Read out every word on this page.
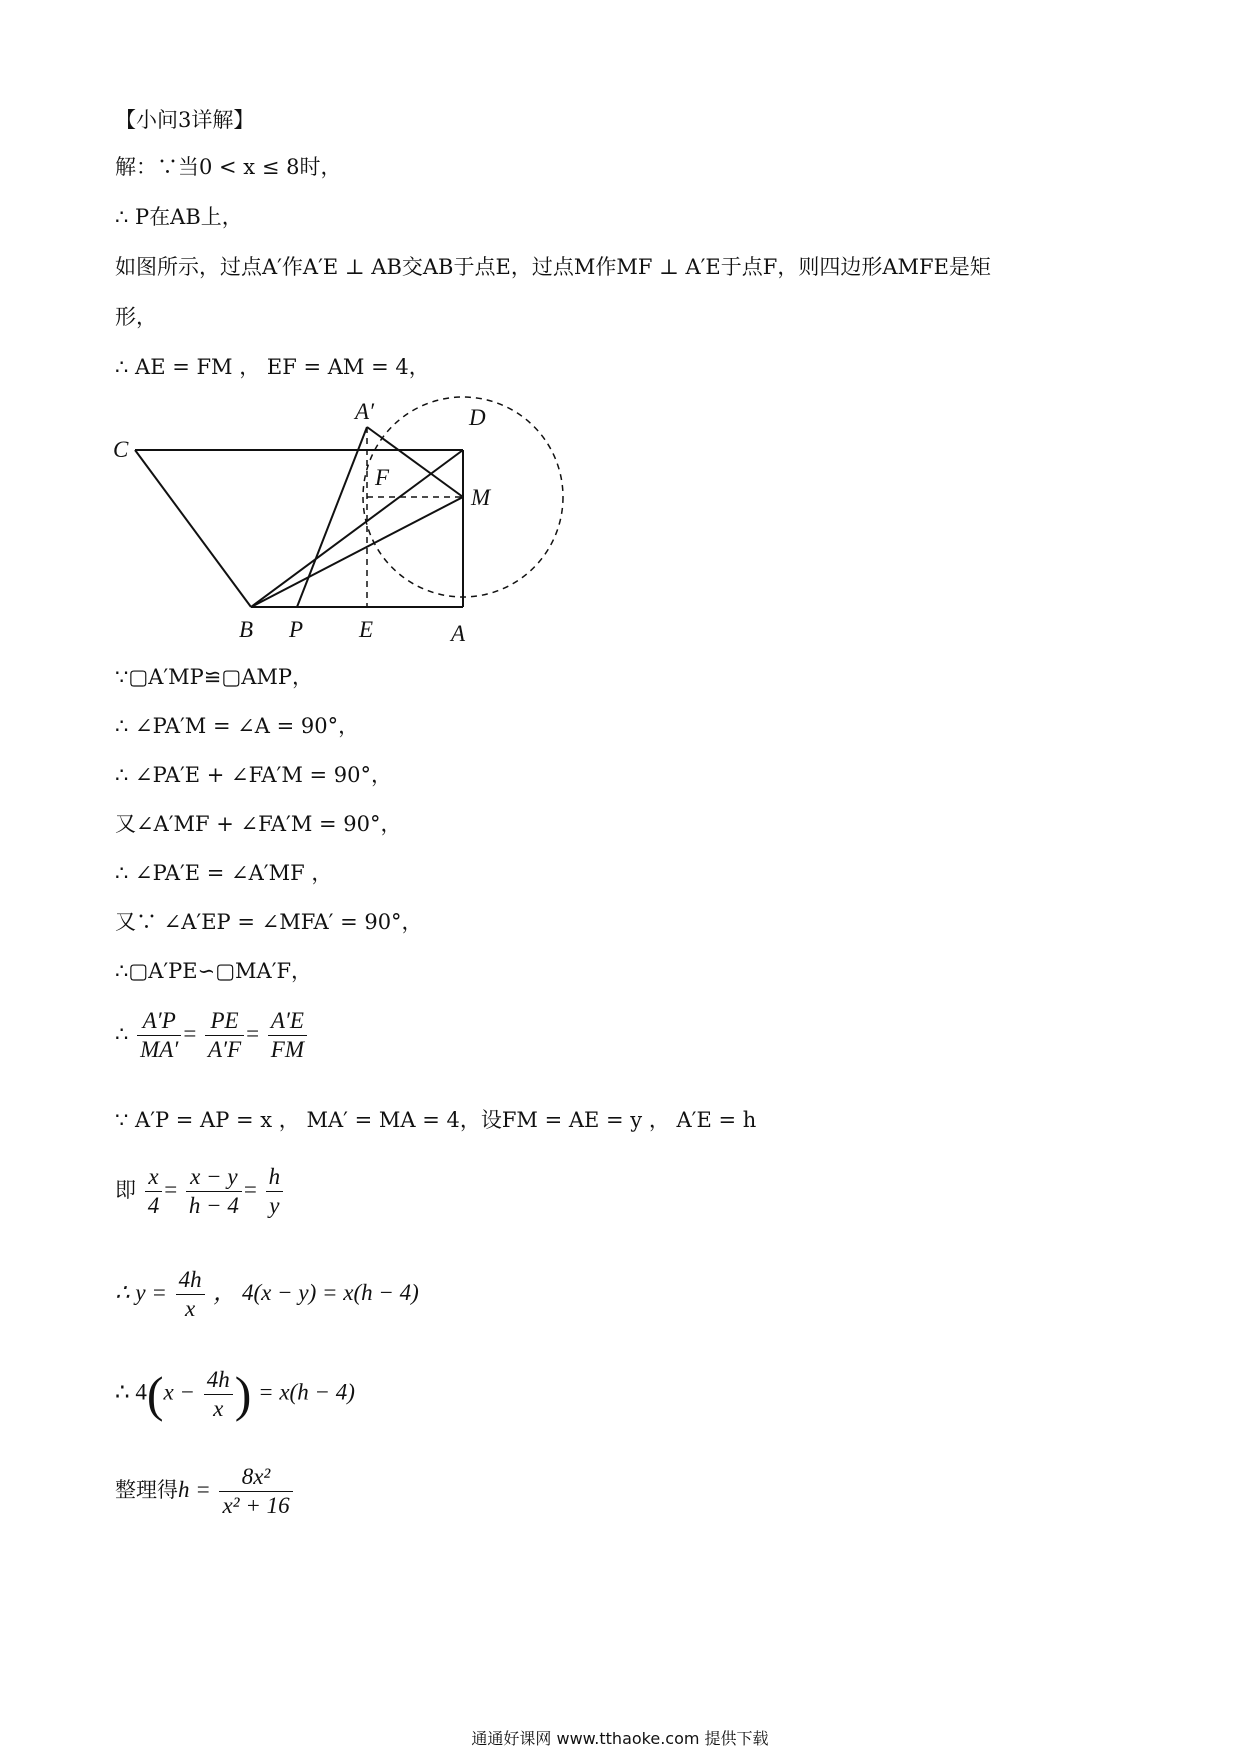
【小问3详解】
解：∵当0 < x ≤ 8时，
∴ P在AB上，
如图所示，过点A′作A′E ⊥ AB交AB于点E，过点M作MF ⊥ A′E于点F，则四边形AMFE是矩
形，
∴ AE = FM ， EF = AM = 4，
C
A′	D
F
M
B P E	A
∵▢A′MP≌▢AMP，
∴ ∠PA′M = ∠A = 90°，
∴ ∠PA′E + ∠FA′M = 90°，
又∠A′MF + ∠FA′M = 90°，
∴ ∠PA′E = ∠A′MF ，
又∵ ∠A′EP = ∠MFA′ = 90°，
∴▢A′PE∽▢MA′F，
∴ $\frac{A'P}{MA'} = \frac{PE}{A'F} = \frac{A'E}{FM}$
∵ A′P = AP = x ， MA′ = MA = 4，设FM = AE = y ， A′E = h
即 $\frac{x}{4} = \frac{x - y}{h - 4} = \frac{h}{y}$
∴ $y = \frac{4h}{x}$ ， 4(x − y) = x(h − 4)
∴ $4(x - \frac{4h}{x}$ ) = x(h − 4)
整理得$h = \frac{\text{8x²}}{\text{x² + 16}}$
通通好课网 www.tthaoke.com 提供下载
